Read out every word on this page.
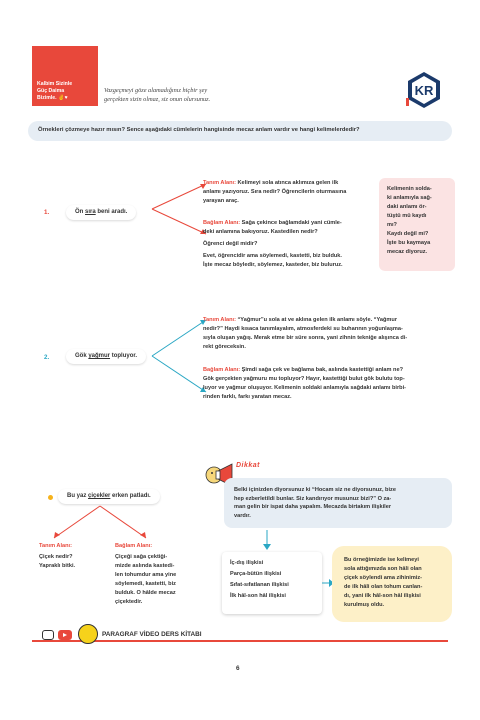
Kalbim Sizinle
Güç Daima
Bizimle. ✌♥
Vazgeçmeyi göze alamadığınız hiçbir şey
gerçekten sizin olmaz, siz onun olursunuz.
KR
Örnekleri çözmeye hazır mısın? Sence aşağıdaki cümlelerin hangisinde mecaz anlam vardır ve hangi kelimelerdedir?
1.	Ön sıra beni aradı.
Tanım Alanı: Kelimeyi sola atınca aklımıza gelen ilk
anlamı yazıyoruz. Sıra nedir? Öğrencilerin oturmasına
yarayan araç.
Bağlam Alanı: Sağa çekince bağlamdaki yani cümle-
deki anlamına bakıyoruz. Kastedilen nedir?
Öğrenci değil midir?
Evet, öğrencidir ama söylemedi, kastetti, biz bulduk.
İşte mecaz böyledir, söylemez, kasteder, biz buluruz.
Kelimenin solda-
ki anlamıyla sağ-
daki anlamı ör-
tüştü mü kaydı
mı?
Kaydı değil mi?
İşte bu kaymaya
mecaz diyoruz.
2.	Gök yağmur topluyor.
Tanım Alanı: “Yağmur”u sola at ve aklına gelen ilk anlamı söyle. “Yağmur
nedir?” Haydi kısaca tanımlayalım, atmosferdeki su buharının yoğunlaşma-
sıyla oluşan yağış. Merak etme bir süre sonra, yani zihnin tekniğe alışınca di-
rekt göreceksin.
Bağlam Alanı: Şimdi sağa çek ve bağlama bak, aslında kastettiği anlam ne?
Gök gerçekten yağmuru mu topluyor? Hayır, kastettiği bulut gök bulutu top-
luyor ve yağmur oluşuyor. Kelimenin soldaki anlamıyla sağdaki anlamı birbi-
rinden farklı, farkı yaratan mecaz.
Bu yaz çiçekler erken patladı.
Tanım Alanı:
Çiçek nedir?
Yapraklı bitki.
Bağlam Alanı:
Çiçeği sağa çektiği-
mizde aslında kastedi-
len tohumdur ama yine
söylemedi, kastetti, biz
bulduk. O hâlde mecaz
çiçektedir.
Dikkat
Belki içinizden diyorsunuz ki “Hocam siz ne diyorsunuz, bize
hep ezberletildi bunlar. Siz kandırıyor musunuz bizi?” O za-
man gelin bir ispat daha yapalım. Mecazda birtakım ilişkiler
vardır.
İç-dış ilişkisi
Parça-bütün ilişkisi
Sıfat-sıfatlanan ilişkisi
İlk hâl-son hâl ilişkisi
Bu örneğimizde ise kelimeyi
sola attığımızda son hâli olan
çiçek söylendi ama zihinimiz-
de ilk hâli olan tohum canlan-
dı, yani ilk hâl-son hâl ilişkisi
kurulmuş oldu.
PARAGRAF VİDEO DERS KİTABI
6
